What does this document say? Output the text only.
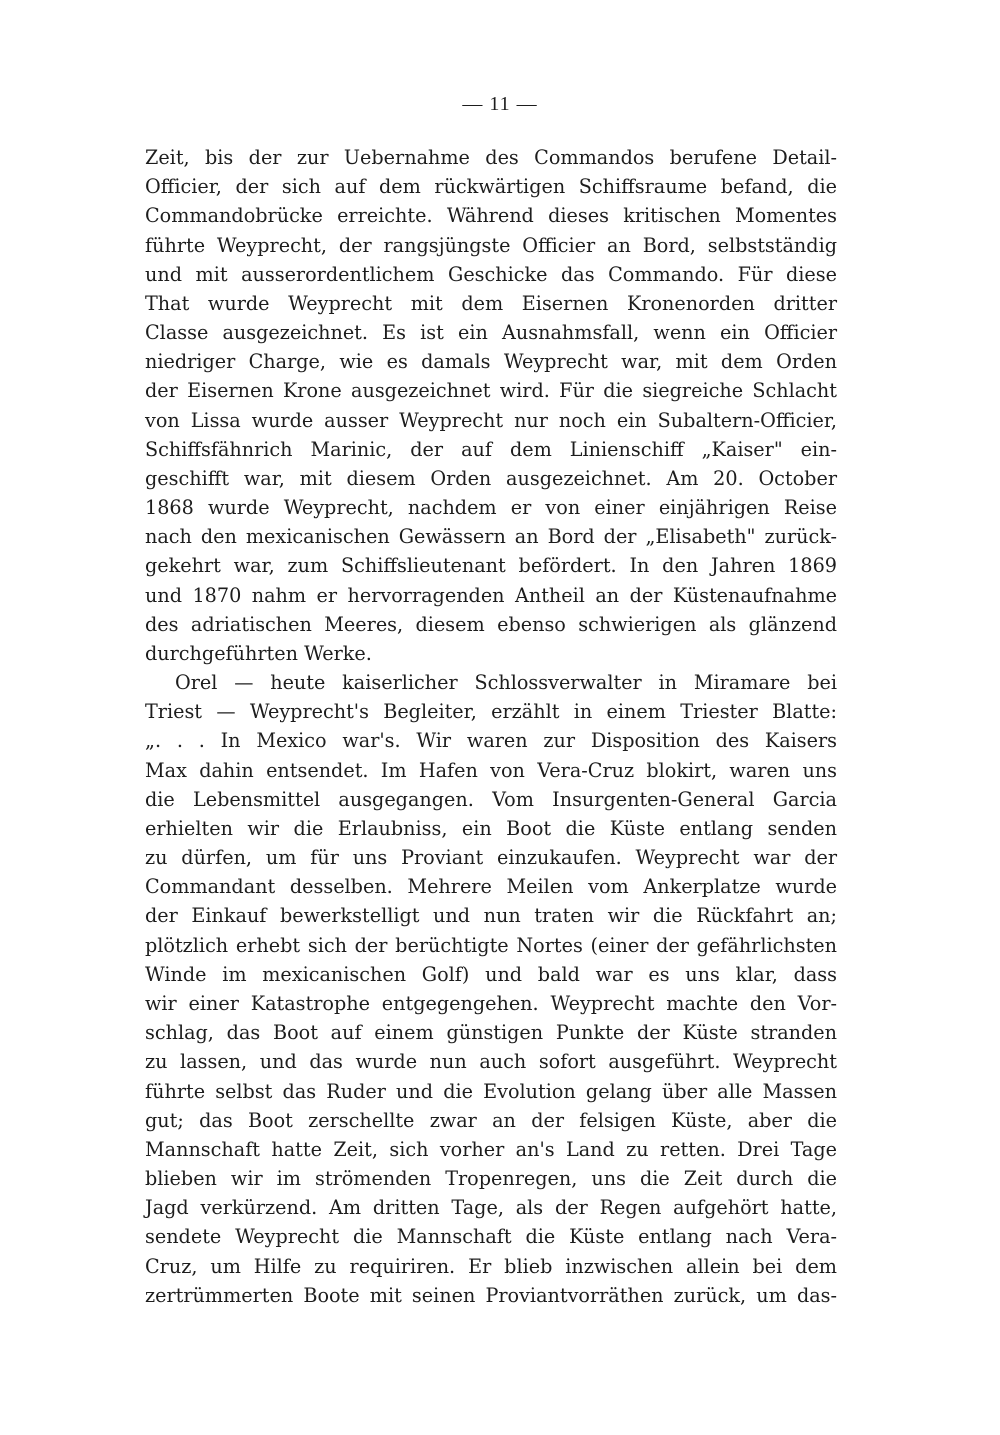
— 11 —
Zeit, bis der zur Uebernahme des Commandos berufene Detail-
Officier, der sich auf dem rückwärtigen Schiffsraume befand, die
Commandobrücke erreichte. Während dieses kritischen Momentes
führte Weyprecht, der rangsjüngste Officier an Bord, selbstständig
und mit ausserordentlichem Geschicke das Commando. Für diese
That wurde Weyprecht mit dem Eisernen Kronenorden dritter
Classe ausgezeichnet. Es ist ein Ausnahmsfall, wenn ein Officier
niedriger Charge, wie es damals Weyprecht war, mit dem Orden
der Eisernen Krone ausgezeichnet wird. Für die siegreiche Schlacht
von Lissa wurde ausser Weyprecht nur noch ein Subaltern-Officier,
Schiffsfähnrich Marinic, der auf dem Linienschiff „Kaiser" ein-
geschifft war, mit diesem Orden ausgezeichnet. Am 20. October
1868 wurde Weyprecht, nachdem er von einer einjährigen Reise
nach den mexicanischen Gewässern an Bord der „Elisabeth" zurück-
gekehrt war, zum Schiffslieutenant befördert. In den Jahren 1869
und 1870 nahm er hervorragenden Antheil an der Küstenaufnahme
des adriatischen Meeres, diesem ebenso schwierigen als glänzend
durchgeführten Werke.
Orel — heute kaiserlicher Schlossverwalter in Miramare bei
Triest — Weyprecht's Begleiter, erzählt in einem Triester Blatte:
„. . . In Mexico war's. Wir waren zur Disposition des Kaisers
Max dahin entsendet. Im Hafen von Vera-Cruz blokirt, waren uns
die Lebensmittel ausgegangen. Vom Insurgenten-General Garcia
erhielten wir die Erlaubniss, ein Boot die Küste entlang senden
zu dürfen, um für uns Proviant einzukaufen. Weyprecht war der
Commandant desselben. Mehrere Meilen vom Ankerplatze wurde
der Einkauf bewerkstelligt und nun traten wir die Rückfahrt an;
plötzlich erhebt sich der berüchtigte Nortes (einer der gefährlichsten
Winde im mexicanischen Golf) und bald war es uns klar, dass
wir einer Katastrophe entgegengehen. Weyprecht machte den Vor-
schlag, das Boot auf einem günstigen Punkte der Küste stranden
zu lassen, und das wurde nun auch sofort ausgeführt. Weyprecht
führte selbst das Ruder und die Evolution gelang über alle Massen
gut; das Boot zerschellte zwar an der felsigen Küste, aber die
Mannschaft hatte Zeit, sich vorher an's Land zu retten. Drei Tage
blieben wir im strömenden Tropenregen, uns die Zeit durch die
Jagd verkürzend. Am dritten Tage, als der Regen aufgehört hatte,
sendete Weyprecht die Mannschaft die Küste entlang nach Vera-
Cruz, um Hilfe zu requiriren. Er blieb inzwischen allein bei dem
zertrümmerten Boote mit seinen Proviantvorräthen zurück, um das-
